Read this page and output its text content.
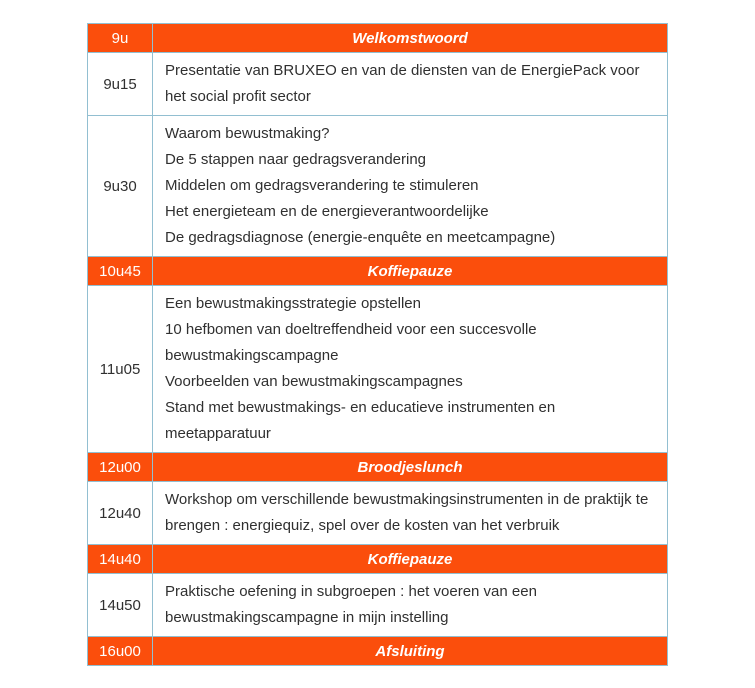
9u	Welkomstwoord
9u15	Presentatie van BRUXEO en van de diensten van de EnergiePack voor het social profit sector

9u30	Waarom bewustmaking?
De 5 stappen naar gedragsverandering
Middelen om gedragsverandering te stimuleren
Het energieteam en de energieverantwoordelijke
De gedragsdiagnose (energie-enquête en meetcampagne)

10u45	Koffiepauze
11u05	Een bewustmakingsstrategie opstellen
10 hefbomen van doeltreffendheid voor een succesvolle bewustmakingscampagne
Voorbeelden van bewustmakingscampagnes
Stand met bewustmakings- en educatieve instrumenten en meetapparatuur

12u00	Broodjeslunch
12u40	Workshop om verschillende bewustmakingsinstrumenten in de praktijk te brengen : energiequiz, spel over de kosten van het verbruik

14u40	Koffiepauze
14u50	Praktische oefening in subgroepen : het voeren van een bewustmakingscampagne in mijn instelling

16u00	Afsluiting
